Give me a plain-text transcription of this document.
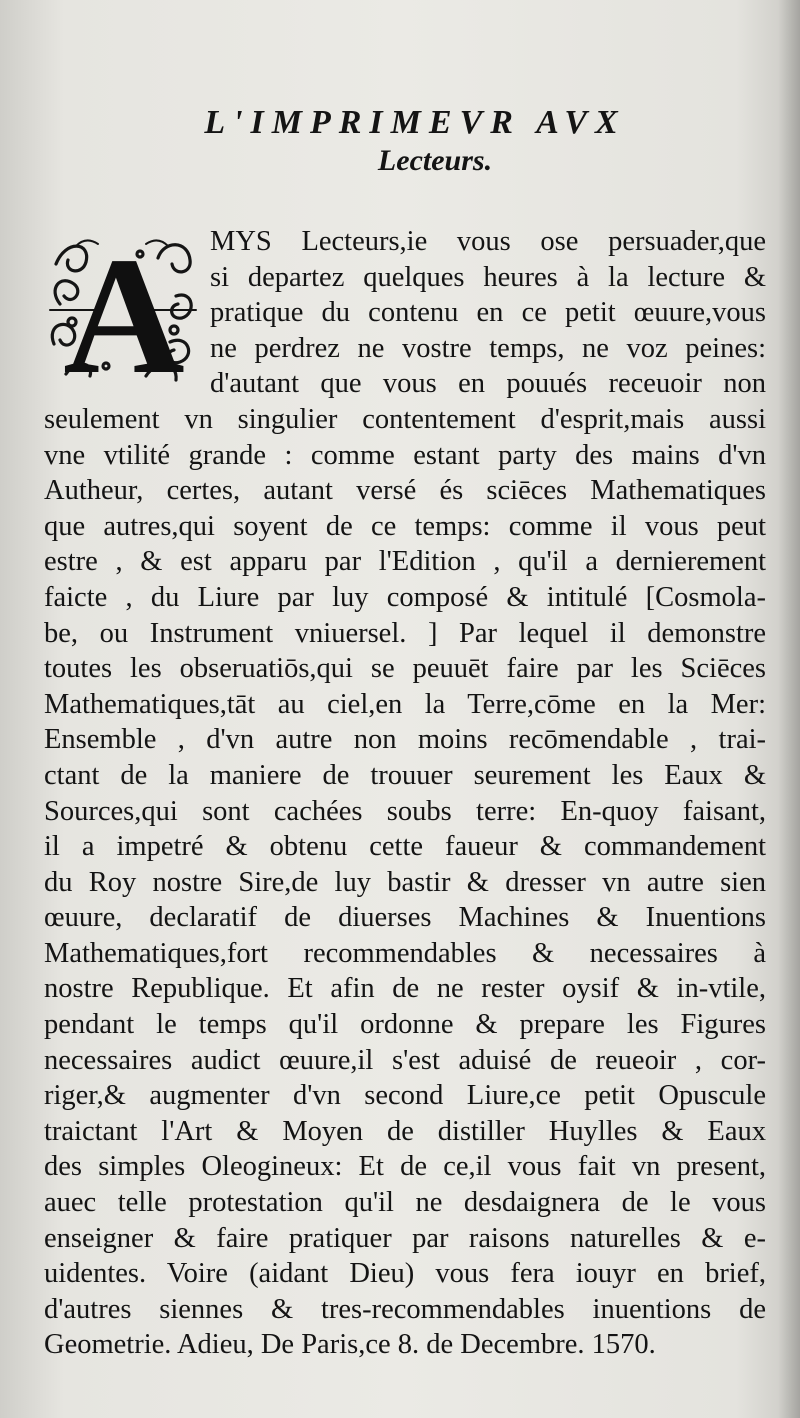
L'IMPRIMEVR AVX
Lecteurs.
A MYS Lecteurs,ie vous ose persuader,que
si departez quelques heures à la lecture &
pratique du contenu en ce petit œuure,vous
ne perdrez ne vostre temps, ne voz peines:
d'autant que vous en pouués receuoir non
seulement vn singulier contentement d'esprit,mais aussi
vne vtilité grande : comme estant party des mains d'vn
Autheur, certes, autant versé és sciēces Mathematiques
que autres,qui soyent de ce temps: comme il vous peut
estre , & est apparu par l'Edition , qu'il a dernierement
faicte , du Liure par luy composé & intitulé [Cosmola-
be, ou Instrument vniuersel. ] Par lequel il demonstre
toutes les obseruatiōs,qui se peuuēt faire par les Sciēces
Mathematiques,tāt au ciel,en la Terre,cōme en la Mer:
Ensemble , d'vn autre non moins recōmendable , trai-
ctant de la maniere de trouuer seurement les Eaux &
Sources,qui sont cachées soubs terre: En-quoy faisant,
il a impetré & obtenu cette faueur & commandement
du Roy nostre Sire,de luy bastir & dresser vn autre sien
œuure, declaratif de diuerses Machines & Inuentions
Mathematiques,fort recommendables & necessaires à
nostre Republique. Et afin de ne rester oysif & in-vtile,
pendant le temps qu'il ordonne & prepare les Figures
necessaires audict œuure,il s'est aduisé de reueoir , cor-
riger,& augmenter d'vn second Liure,ce petit Opuscule
traictant l'Art & Moyen de distiller Huylles & Eaux
des simples Oleogineux: Et de ce,il vous fait vn present,
auec telle protestation qu'il ne desdaignera de le vous
enseigner & faire pratiquer par raisons naturelles & e-
uidentes. Voire (aidant Dieu) vous fera iouyr en brief,
d'autres siennes & tres-recommendables inuentions de
Geometrie. Adieu, De Paris,ce 8. de Decembre. 1570.
